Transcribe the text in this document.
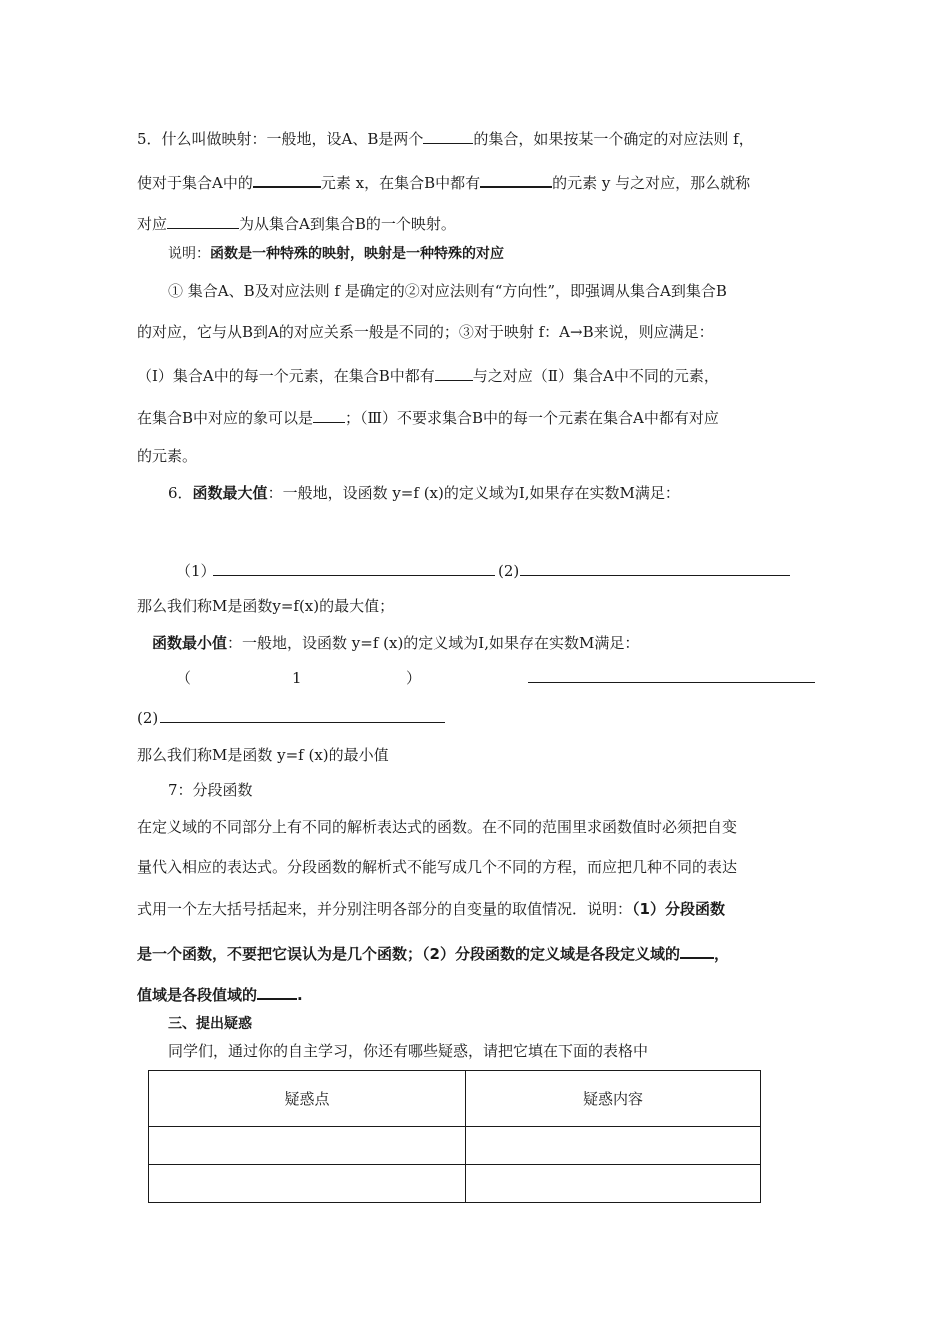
5．什么叫做映射：一般地，设A、B是两个	的集合，如果按某一个确定的对应法则 f，
使对于集合A中的	元素 x，在集合B中都有	的元素 y 与之对应，那么就称
对应	为从集合A到集合B的一个映射。
说明：函数是一种特殊的映射，映射是一种特殊的对应
① 集合A、B及对应法则 f 是确定的②对应法则有“方向性”，即强调从集合A到集合B
的对应，它与从B到A的对应关系一般是不同的；③对于映射 f：A→B来说，则应满足：
（Ⅰ）集合A中的每一个元素，在集合B中都有	与之对应（Ⅱ）集合A中不同的元素，
在集合B中对应的象可以是 ；（Ⅲ）不要求集合B中的每一个元素在集合A中都有对应
的元素。
6．函数最大值：一般地，设函数 y=f (x)的定义域为I,如果存在实数M满足：
（1）	(2)
那么我们称M是函数y=f(x)的最大值；
函数最小值：一般地，设函数 y=f (x)的定义域为I,如果存在实数M满足：
（	1	）
(2)
那么我们称M是函数 y=f (x)的最小值
7：分段函数
在定义域的不同部分上有不同的解析表达式的函数。在不同的范围里求函数值时必须把自变
量代入相应的表达式。分段函数的解析式不能写成几个不同的方程，而应把几种不同的表达
式用一个左大括号括起来，并分别注明各部分的自变量的取值情况．说明：（1）分段函数
是一个函数，不要把它误认为是几个函数；（2）分段函数的定义域是各段定义域的 ，
值域是各段值域的	.
三、提出疑惑
同学们，通过你的自主学习，你还有哪些疑惑，请把它填在下面的表格中
疑惑点	疑惑内容
